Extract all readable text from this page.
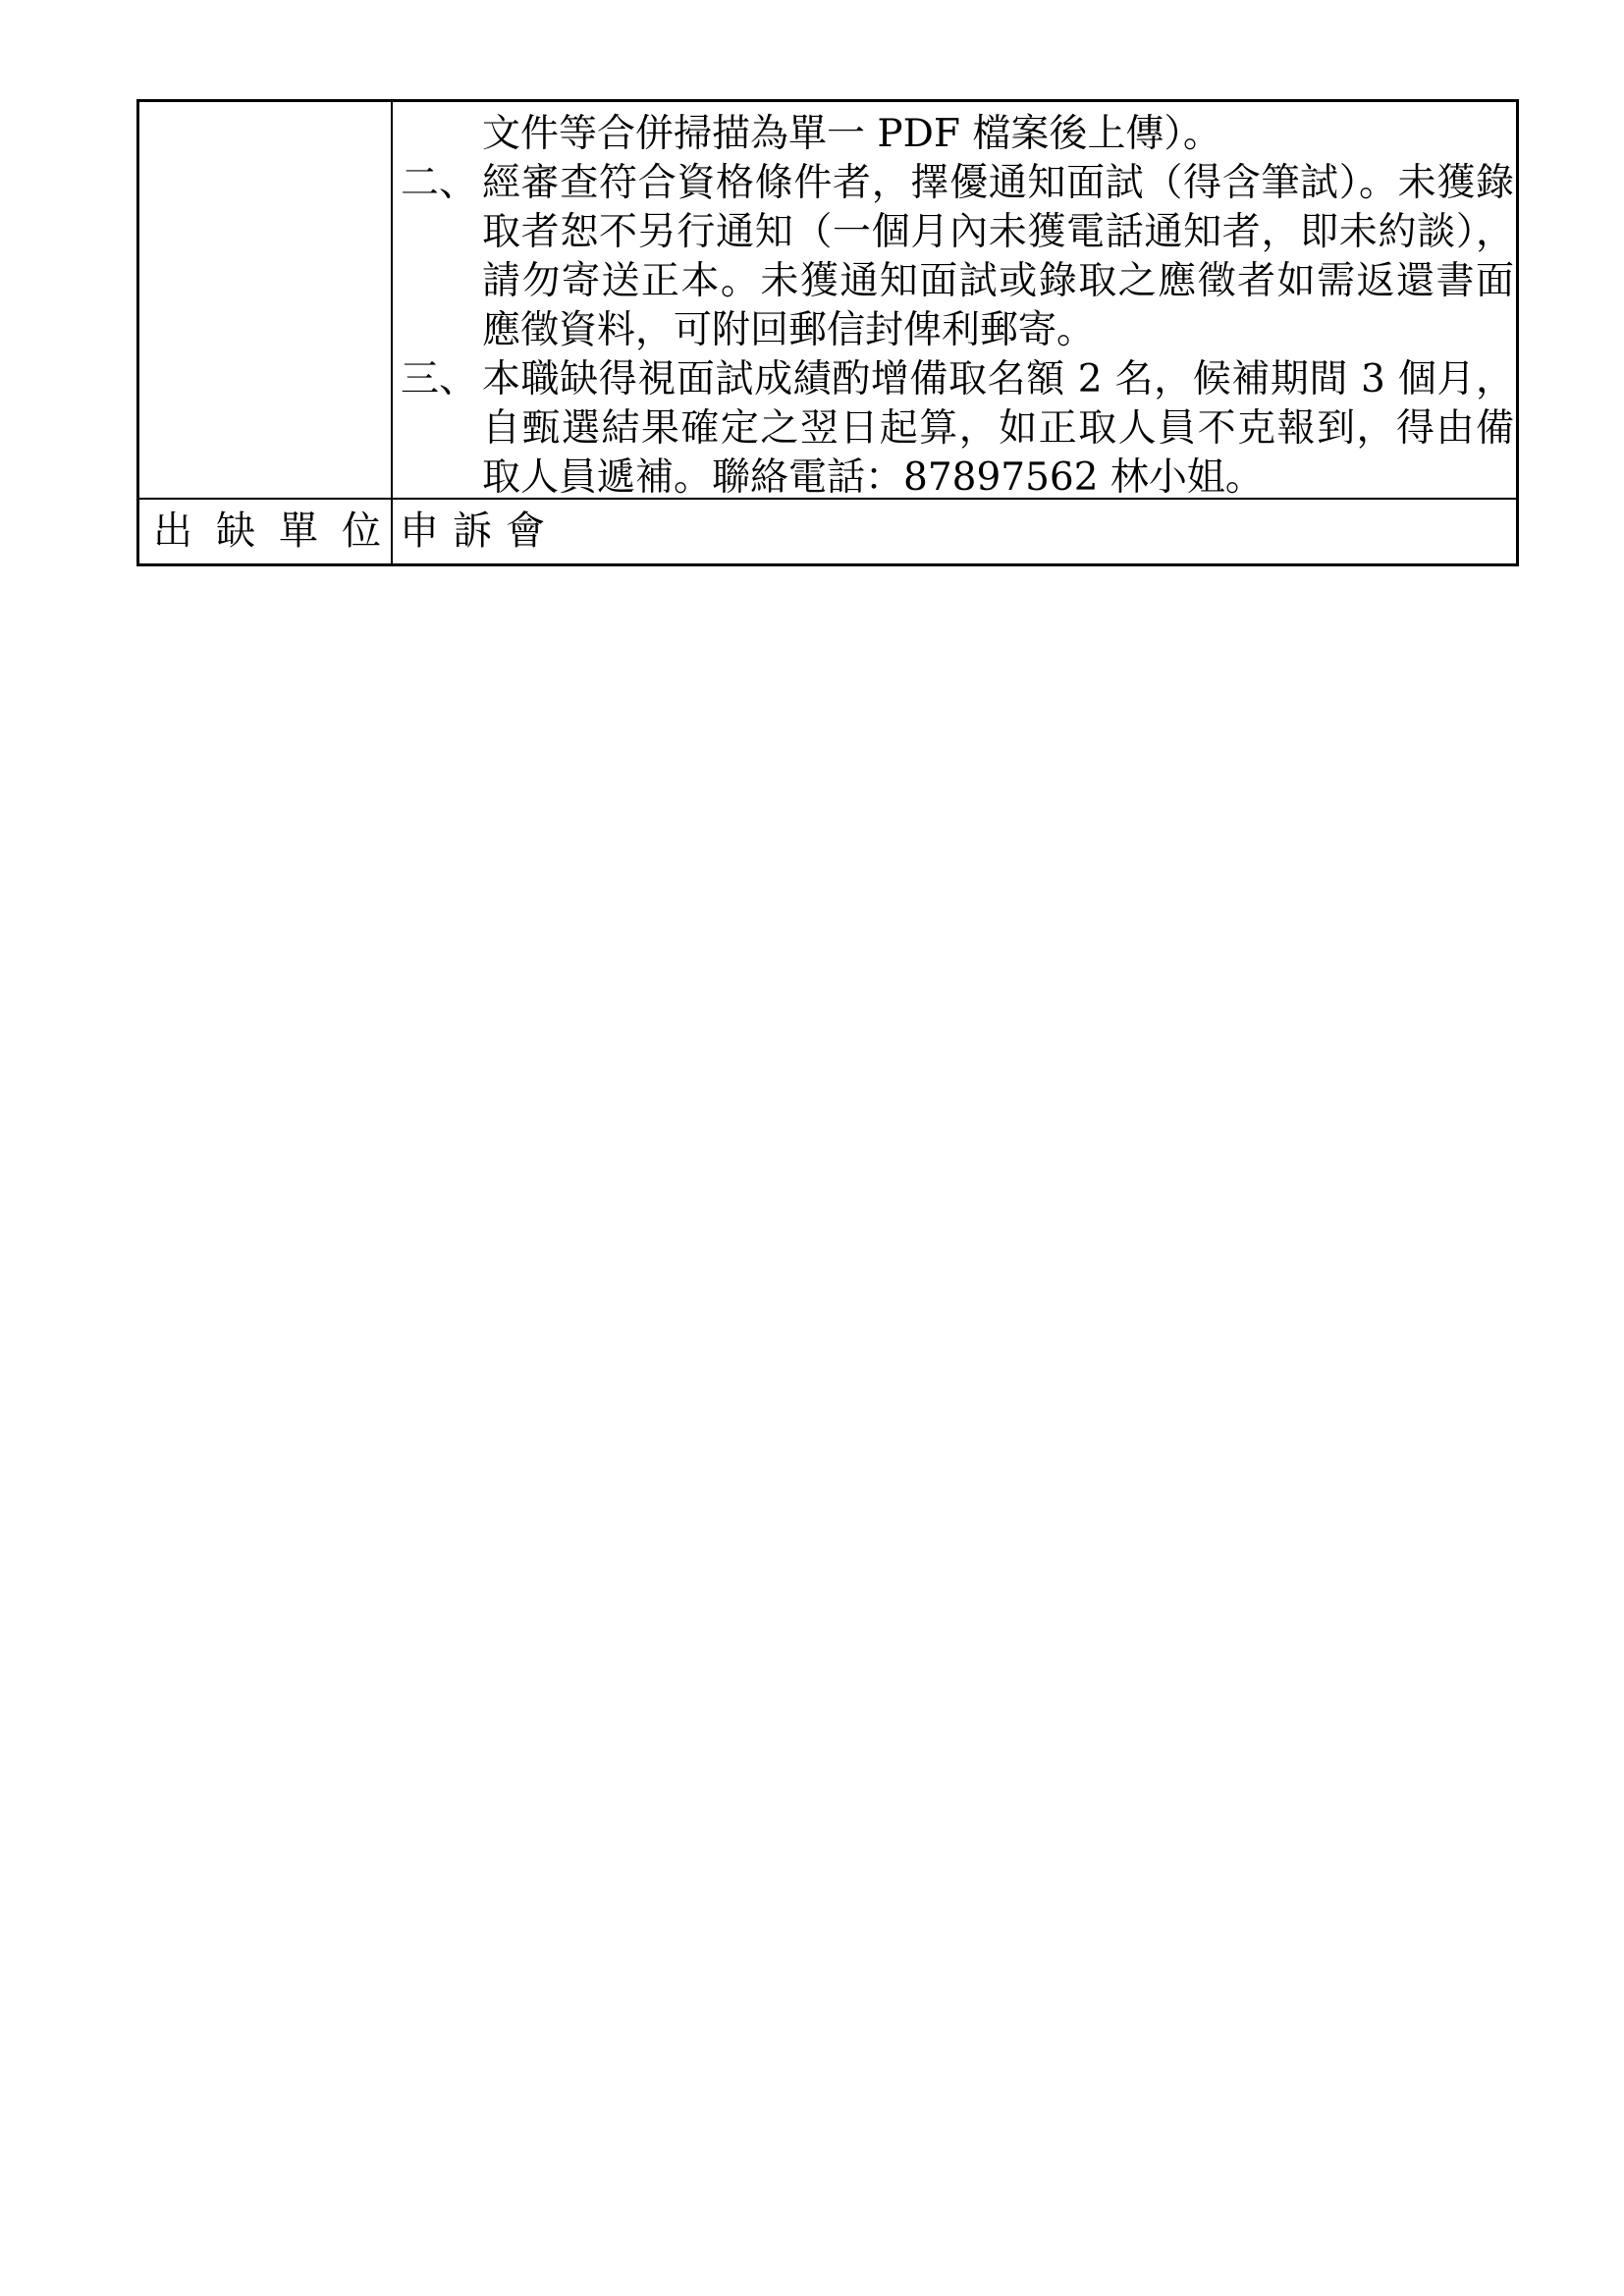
文件等合併掃描為單一 PDF 檔案後上傳）。
二、 經審查符合資格條件者，擇優通知面試（得含筆試）。未獲錄取者恕不另行通知（一個月內未獲電話通知者，即未約談），請勿寄送正本。未獲通知面試或錄取之應徵者如需返還書面應徵資料，可附回郵信封俾利郵寄。
三、 本職缺得視面試成績酌增備取名額 2 名，候補期間 3 個月，自甄選結果確定之翌日起算，如正取人員不克報到，得由備取人員遞補。聯絡電話：87897562 林小姐。
出缺單位 申訴會
